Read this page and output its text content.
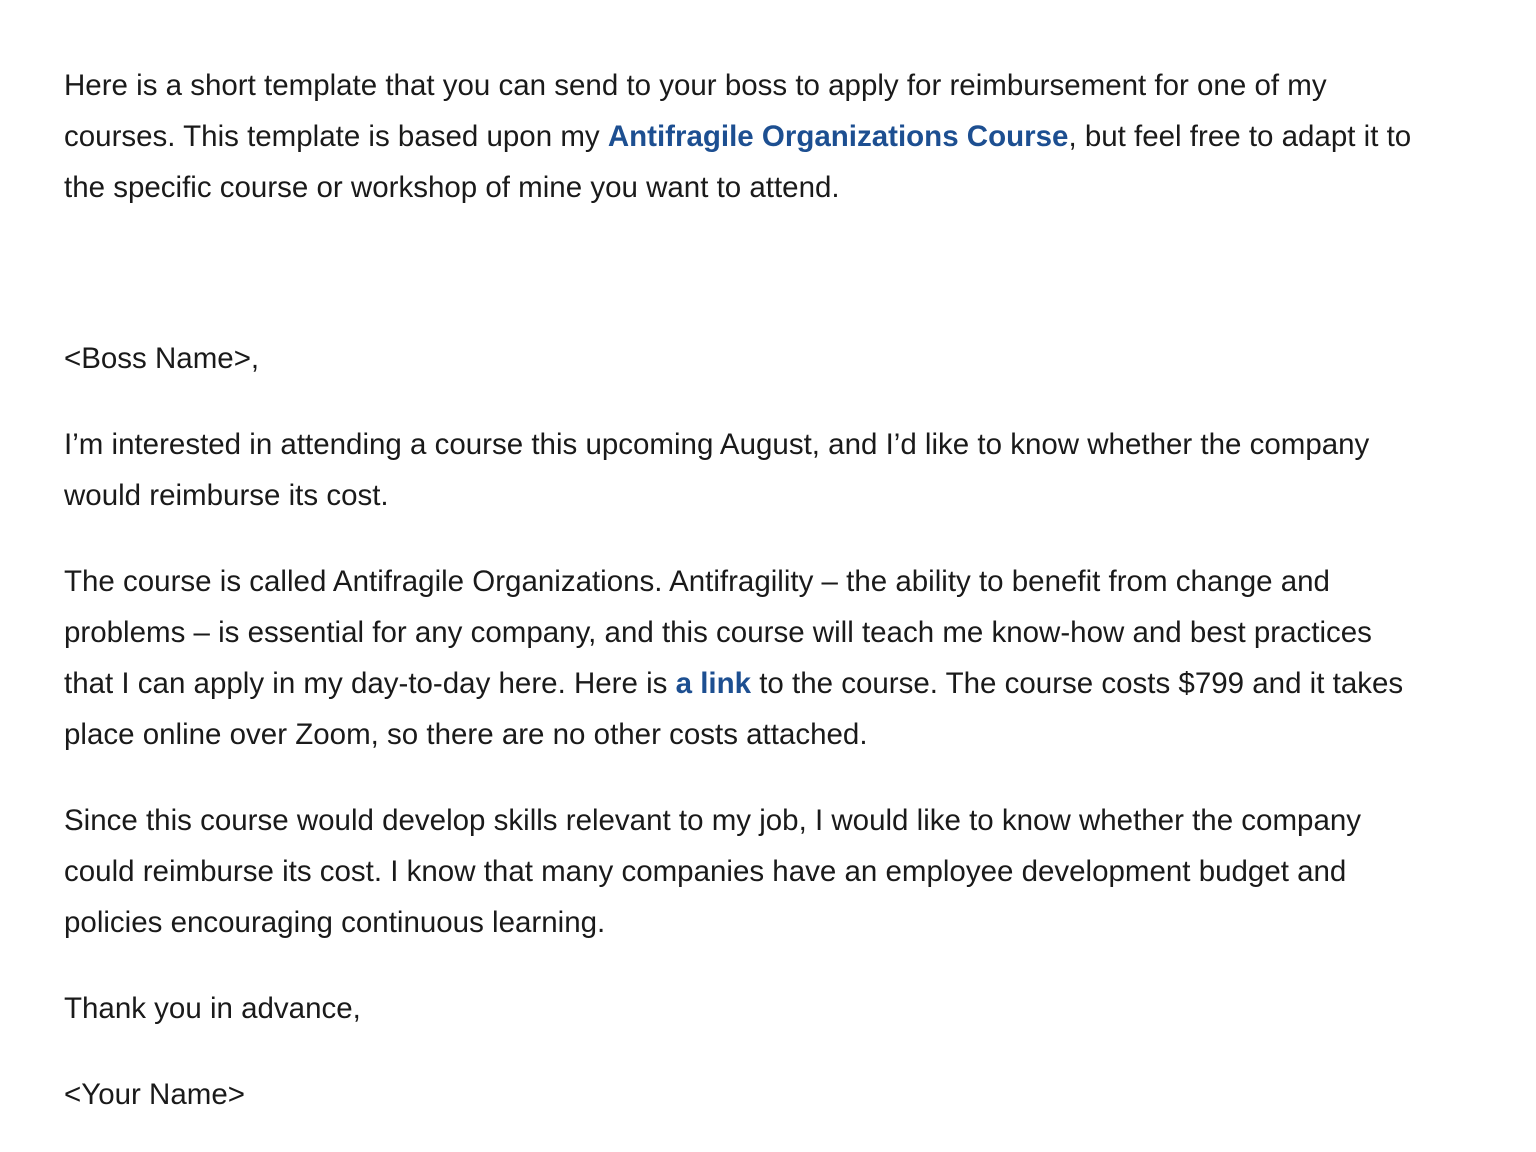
Here is a short template that you can send to your boss to apply for reimbursement for one of my courses. This template is based upon my Antifragile Organizations Course, but feel free to adapt it to the specific course or workshop of mine you want to attend.

<Boss Name>,

I’m interested in attending a course this upcoming August, and I’d like to know whether the company would reimburse its cost.

The course is called Antifragile Organizations. Antifragility – the ability to benefit from change and problems – is essential for any company, and this course will teach me know-how and best practices that I can apply in my day-to-day here. Here is a link to the course. The course costs $799 and it takes place online over Zoom, so there are no other costs attached.

Since this course would develop skills relevant to my job, I would like to know whether the company could reimburse its cost. I know that many companies have an employee development budget and policies encouraging continuous learning.

Thank you in advance,

<Your Name>
